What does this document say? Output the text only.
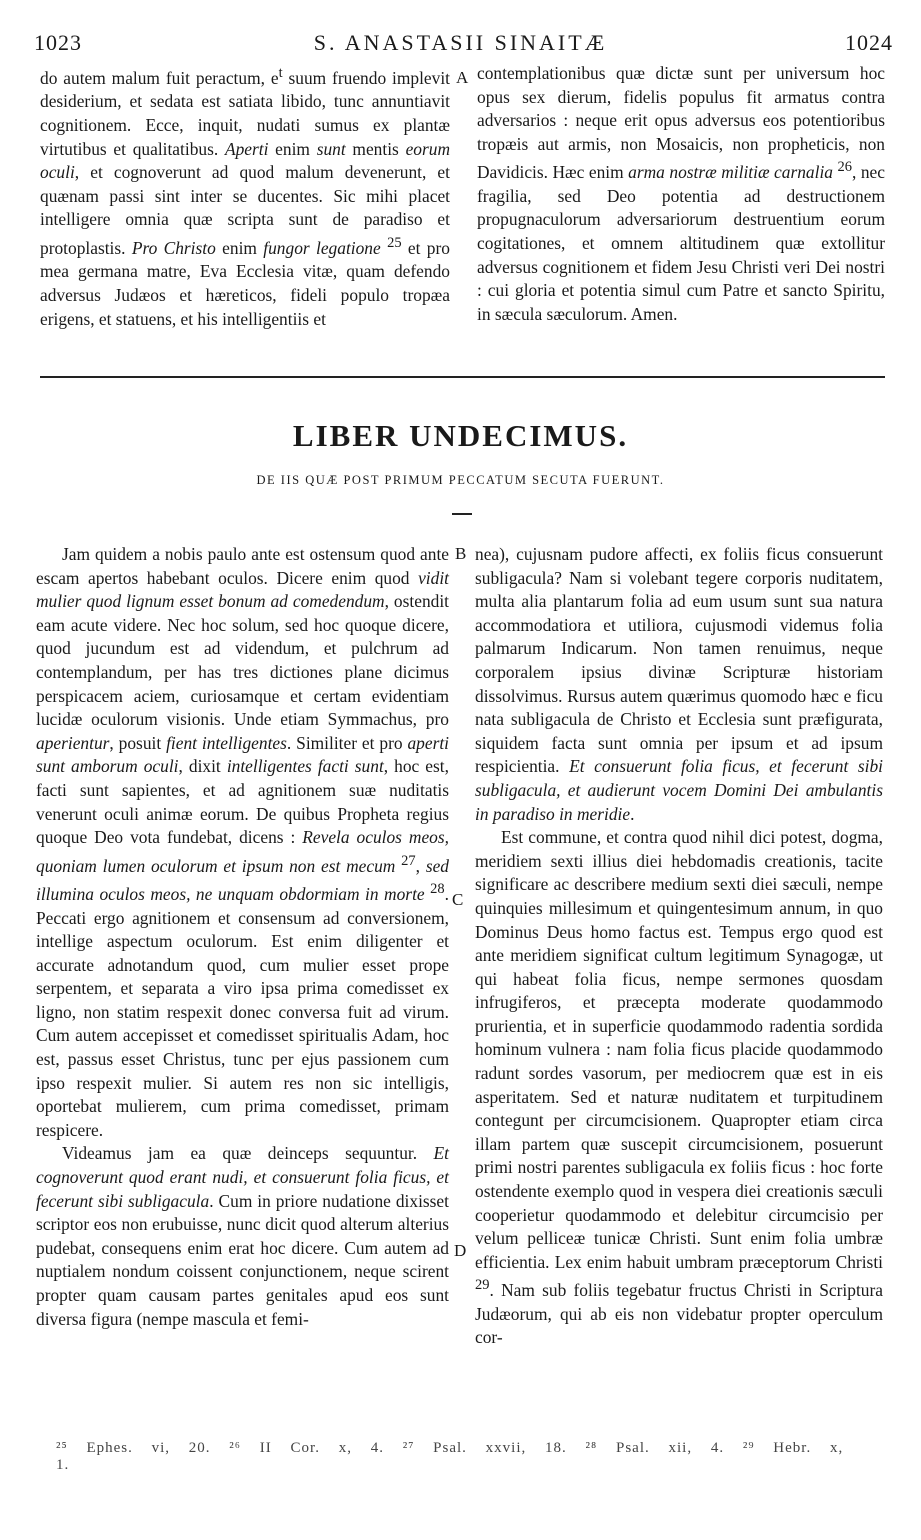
1023	S. ANASTASII SINAITÆ	1024

do autem malum fuit peractum, $e^t$ suum fruendo implevit desiderium, et sedata est satiata libido, tunc annuntiavit cognitionem. Ecce, inquit, nudati sumus ex plantæ virtutibus et qualitatibus. Aperti enim sunt mentis eorum oculi, et cognoverunt ad quod malum devenerunt, et quænam passi sint inter se ducentes. Sic mihi placet intelligere omnia quæ scripta sunt de paradiso et protoplastis. Pro Christo enim fungor legatione $^{25}$ et pro mea germana matre, Eva Ecclesia vitæ, quam defendo adversus Judæos et hæreticos, fideli populo tropæa erigens, et statuens, et his intelligentiis et

A contemplationibus quæ dictæ sunt per universum hoc opus sex dierum, fidelis populus fit armatus contra adversarios : neque erit opus adversus eos potentioribus tropæis aut armis, non Mosaicis, non propheticis, non Davidicis. Hæc enim arma nostræ militiæ carnalia $^{26}$, nec fragilia, sed Deo potentia ad destructionem propugnaculorum adversariorum destruentium eorum cogitationes, et omnem altitudinem quæ extollitur adversus cognitionem et fidem Jesu Christi veri Dei nostri : cui gloria et potentia simul cum Patre et sancto Spiritu, in sæcula sæculorum. Amen.

LIBER UNDECIMUS.
DE IIS QUÆ POST PRIMUM PECCATUM SECUTA FUERUNT.

Jam quidem a nobis paulo ante est ostensum quod ante escam apertos habebant oculos. Dicere enim quod vidit mulier quod lignum esset bonum ad comedendum, ostendit eam acute videre. Nec hoc solum, sed hoc quoque dicere, quod jucundum est ad videndum, et pulchrum ad contemplandum, per has tres dictiones plane dicimus perspicacem aciem, curiosamque et certam evidentiam lucidæ oculorum visionis. Unde etiam Symmachus, pro aperientur, posuit fient intelligentes. Similiter et pro aperti sunt amborum oculi, dixit intelligentes facti sunt, hoc est, facti sunt sapientes, et ad agnitionem suæ nuditatis venerunt oculi animæ eorum. De quibus Propheta regius quoque Deo vota fundebat, dicens : Revela oculos meos, quoniam lumen oculorum et ipsum non est mecum $^{27}$, sed illumina oculos meos, ne unquam obdormiam in morte $^{28}$. Peccati ergo agnitionem et consensum ad conversionem, intellige aspectum oculorum. Est enim diligenter et accurate adnotandum quod, cum mulier esset prope serpentem, et separata a viro ipsa prima comedisset ex ligno, non statim respexit donec conversa fuit ad virum. Cum autem accepisset et comedisset spiritualis Adam, hoc est, passus esset Christus, tunc per ejus passionem cum ipso respexit mulier. Si autem res non sic intelligis, oportebat mulierem, cum prima comedisset, primam respicere.

Videamus jam ea quæ deinceps sequuntur. Et cognoverunt quod erant nudi, et consuerunt folia ficus, et fecerunt sibi subligacula. Cum in priore nudatione dixisset scriptor eos non erubuisse, nunc dicit quod alterum alterius pudebat, consequens enim erat hoc dicere. Cum autem ad nuptialem nondum coissent conjunctionem, neque scirent propter quam causam partes genitales apud eos sunt diversa figura (nempe mascula et femi-

B
C
D

nea), cujusnam pudore affecti, ex foliis ficus consuerunt subligacula? Nam si volebant tegere corporis nuditatem, multa alia plantarum folia ad eum usum sunt sua natura accommodatiora et utiliora, cujusmodi videmus folia palmarum Indicarum. Non tamen renuimus, neque corporalem ipsius divinæ Scripturæ historiam dissolvimus. Rursus autem quærimus quomodo hæc e ficu nata subligacula de Christo et Ecclesia sunt præfigurata, siquidem facta sunt omnia per ipsum et ad ipsum respicientia. Et consuerunt folia ficus, et fecerunt sibi subligacula, et audierunt vocem Domini Dei ambulantis in paradiso in meridie.

Est commune, et contra quod nihil dici potest, dogma, meridiem sexti illius diei hebdomadis creationis, tacite significare ac describere medium sexti diei sæculi, nempe quinquies millesimum et quingentesimum annum, in quo Dominus Deus homo factus est. Tempus ergo quod est ante meridiem significat cultum legitimum Synagogæ, ut qui habeat folia ficus, nempe sermones quosdam infrugiferos, et præcepta moderate quodammodo prurientia, et in superficie quodammodo radentia sordida hominum vulnera : nam folia ficus placide quodammodo radunt sordes vasorum, per mediocrem quæ est in eis asperitatem. Sed et naturæ nuditatem et turpitudinem contegunt per circumcisionem. Quapropter etiam circa illam partem quæ suscepit circumcisionem, posuerunt primi nostri parentes subligacula ex foliis ficus : hoc forte ostendente exemplo quod in vespera diei creationis sæculi cooperietur quodammodo et delebitur circumcisio per velum pelliceæ tunicæ Christi. Sunt enim folia umbræ efficientia. Lex enim habuit umbram præceptorum Christi $^{29}$. Nam sub foliis tegebatur fructus Christi in Scriptura Judæorum, qui ab eis non videbatur propter operculum cor-

²⁵ Ephes. vi, 20. ²⁶ II Cor. x, 4. ²⁷ Psal. xxvii, 18. ²⁸ Psal. xii, 4. ²⁹ Hebr. x, 1.
